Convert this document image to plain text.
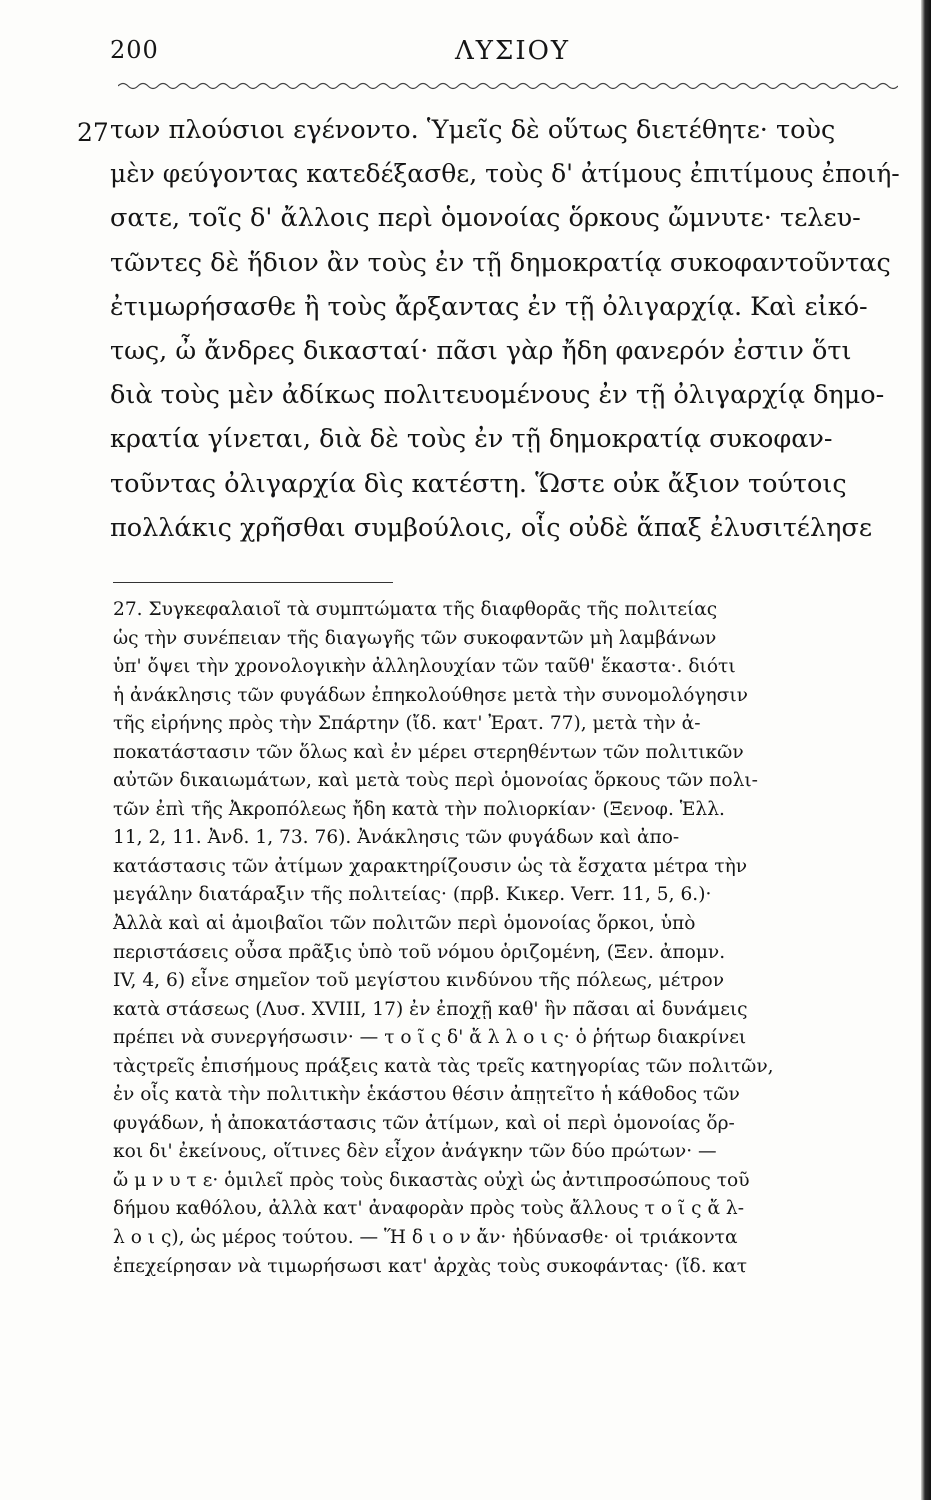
200	ΛΥΣΙΟΥ
27 των πλούσιοι εγένοντο. Ὑμεῖς δὲ οὕτως διετέθητε· τοὺς
μὲν φεύγοντας κατεδέξασθε, τοὺς δ' ἀτίμους ἐπιτίμους ἐποιή-
σατε, τοῖς δ' ἄλλοις περὶ ὁμονοίας ὅρκους ὤμνυτε· τελευ-
τῶντες δὲ ἥδιον ἂν τοὺς ἐν τῇ δημοκρατίᾳ συκοφαντοῦντας
ἐτιμωρήσασθε ἢ τοὺς ἄρξαντας ἐν τῇ ὀλιγαρχίᾳ. Καὶ εἰκό-
τως, ὦ ἄνδρες δικασταί· πᾶσι γὰρ ἤδη φανερόν ἐστιν ὅτι
διὰ τοὺς μὲν ἀδίκως πολιτευομένους ἐν τῇ ὀλιγαρχίᾳ δημο-
κρατία γίνεται, διὰ δὲ τοὺς ἐν τῇ δημοκρατίᾳ συκοφαν-
τοῦντας ὀλιγαρχία δὶς κατέστη. Ὥστε οὐκ ἄξιον τούτοις
πολλάκις χρῆσθαι συμβούλοις, οἷς οὐδὲ ἅπαξ ἐλυσιτέλησε
27. Συγκεφαλαιοῖ τὰ συμπτώματα τῆς διαφθορᾶς τῆς πολιτείας
ὡς τὴν συνέπειαν τῆς διαγωγῆς τῶν συκοφαντῶν μὴ λαμβάνων
ὑπ' ὄψει τὴν χρονολογικὴν ἀλληλουχίαν τῶν ταῦθ' ἕκαστα·. διότι
ἡ ἀνάκλησις τῶν φυγάδων ἐπηκολούθησε μετὰ τὴν συνομολόγησιν
τῆς εἰρήνης πρὸς τὴν Σπάρτην (ἴδ. κατ' Ἐρατ. 77), μετὰ τὴν ἀ-
ποκατάστασιν τῶν ὅλως καὶ ἐν μέρει στερηθέντων τῶν πολιτικῶν
αὐτῶν δικαιωμάτων, καὶ μετὰ τοὺς περὶ ὁμονοίας ὅρκους τῶν πολι-
τῶν ἐπὶ τῆς Ἀκροπόλεως ἤδη κατὰ τὴν πολιορκίαν· (Ξενοφ. Ἑλλ.
11, 2, 11. Ἀνδ. 1, 73. 76). Ἀνάκλησις τῶν φυγάδων καὶ ἀπο-
κατάστασις τῶν ἀτίμων χαρακτηρίζουσιν ὡς τὰ ἔσχατα μέτρα τὴν
μεγάλην διατάραξιν τῆς πολιτείας· (πρβ. Κικερ. Verr. 11, 5, 6.)·
Ἀλλὰ καὶ αἱ ἀμοιβαῖοι τῶν πολιτῶν περὶ ὁμονοίας ὅρκοι, ὑπὸ
περιστάσεις οὖσα πρᾶξις ὑπὸ τοῦ νόμου ὁριζομένη, (Ξεν. ἀπομν.
IV, 4, 6) εἶνε σημεῖον τοῦ μεγίστου κινδύνου τῆς πόλεως, μέτρον
κατὰ στάσεως (Λυσ. XVIII, 17) ἐν ἐποχῇ καθ' ἣν πᾶσαι αἱ δυνάμεις
πρέπει νὰ συνεργήσωσιν· — τ ο ῖ ς δ' ἄ λ λ ο ι ς· ὁ ῥήτωρ διακρίνει
τὰςτρεῖς ἐπισήμους πράξεις κατὰ τὰς τρεῖς κατηγορίας τῶν πολιτῶν,
ἐν οἷς κατὰ τὴν πολιτικὴν ἑκάστου θέσιν ἀπῃτεῖτο ἡ κάθοδος τῶν
φυγάδων, ἡ ἀποκατάστασις τῶν ἀτίμων, καὶ οἱ περὶ ὁμονοίας ὅρ-
κοι δι' ἐκείνους, οἵτινες δὲν εἶχον ἀνάγκην τῶν δύο πρώτων· —
ὤ μ ν υ τ ε· ὁμιλεῖ πρὸς τοὺς δικαστὰς οὐχὶ ὡς ἀντιπροσώπους τοῦ
δήμου καθόλου, ἀλλὰ κατ' ἀναφορὰν πρὸς τοὺς ἄλλους τ ο ῖ ς ἄ λ-
λ ο ι ς), ὡς μέρος τούτου. — Ἥ δ ι ο ν ἄν· ἠδύνασθε· οἱ τριάκοντα
ἐπεχείρησαν νὰ τιμωρήσωσι κατ' ἀρχὰς τοὺς συκοφάντας· (ἴδ. κατ
